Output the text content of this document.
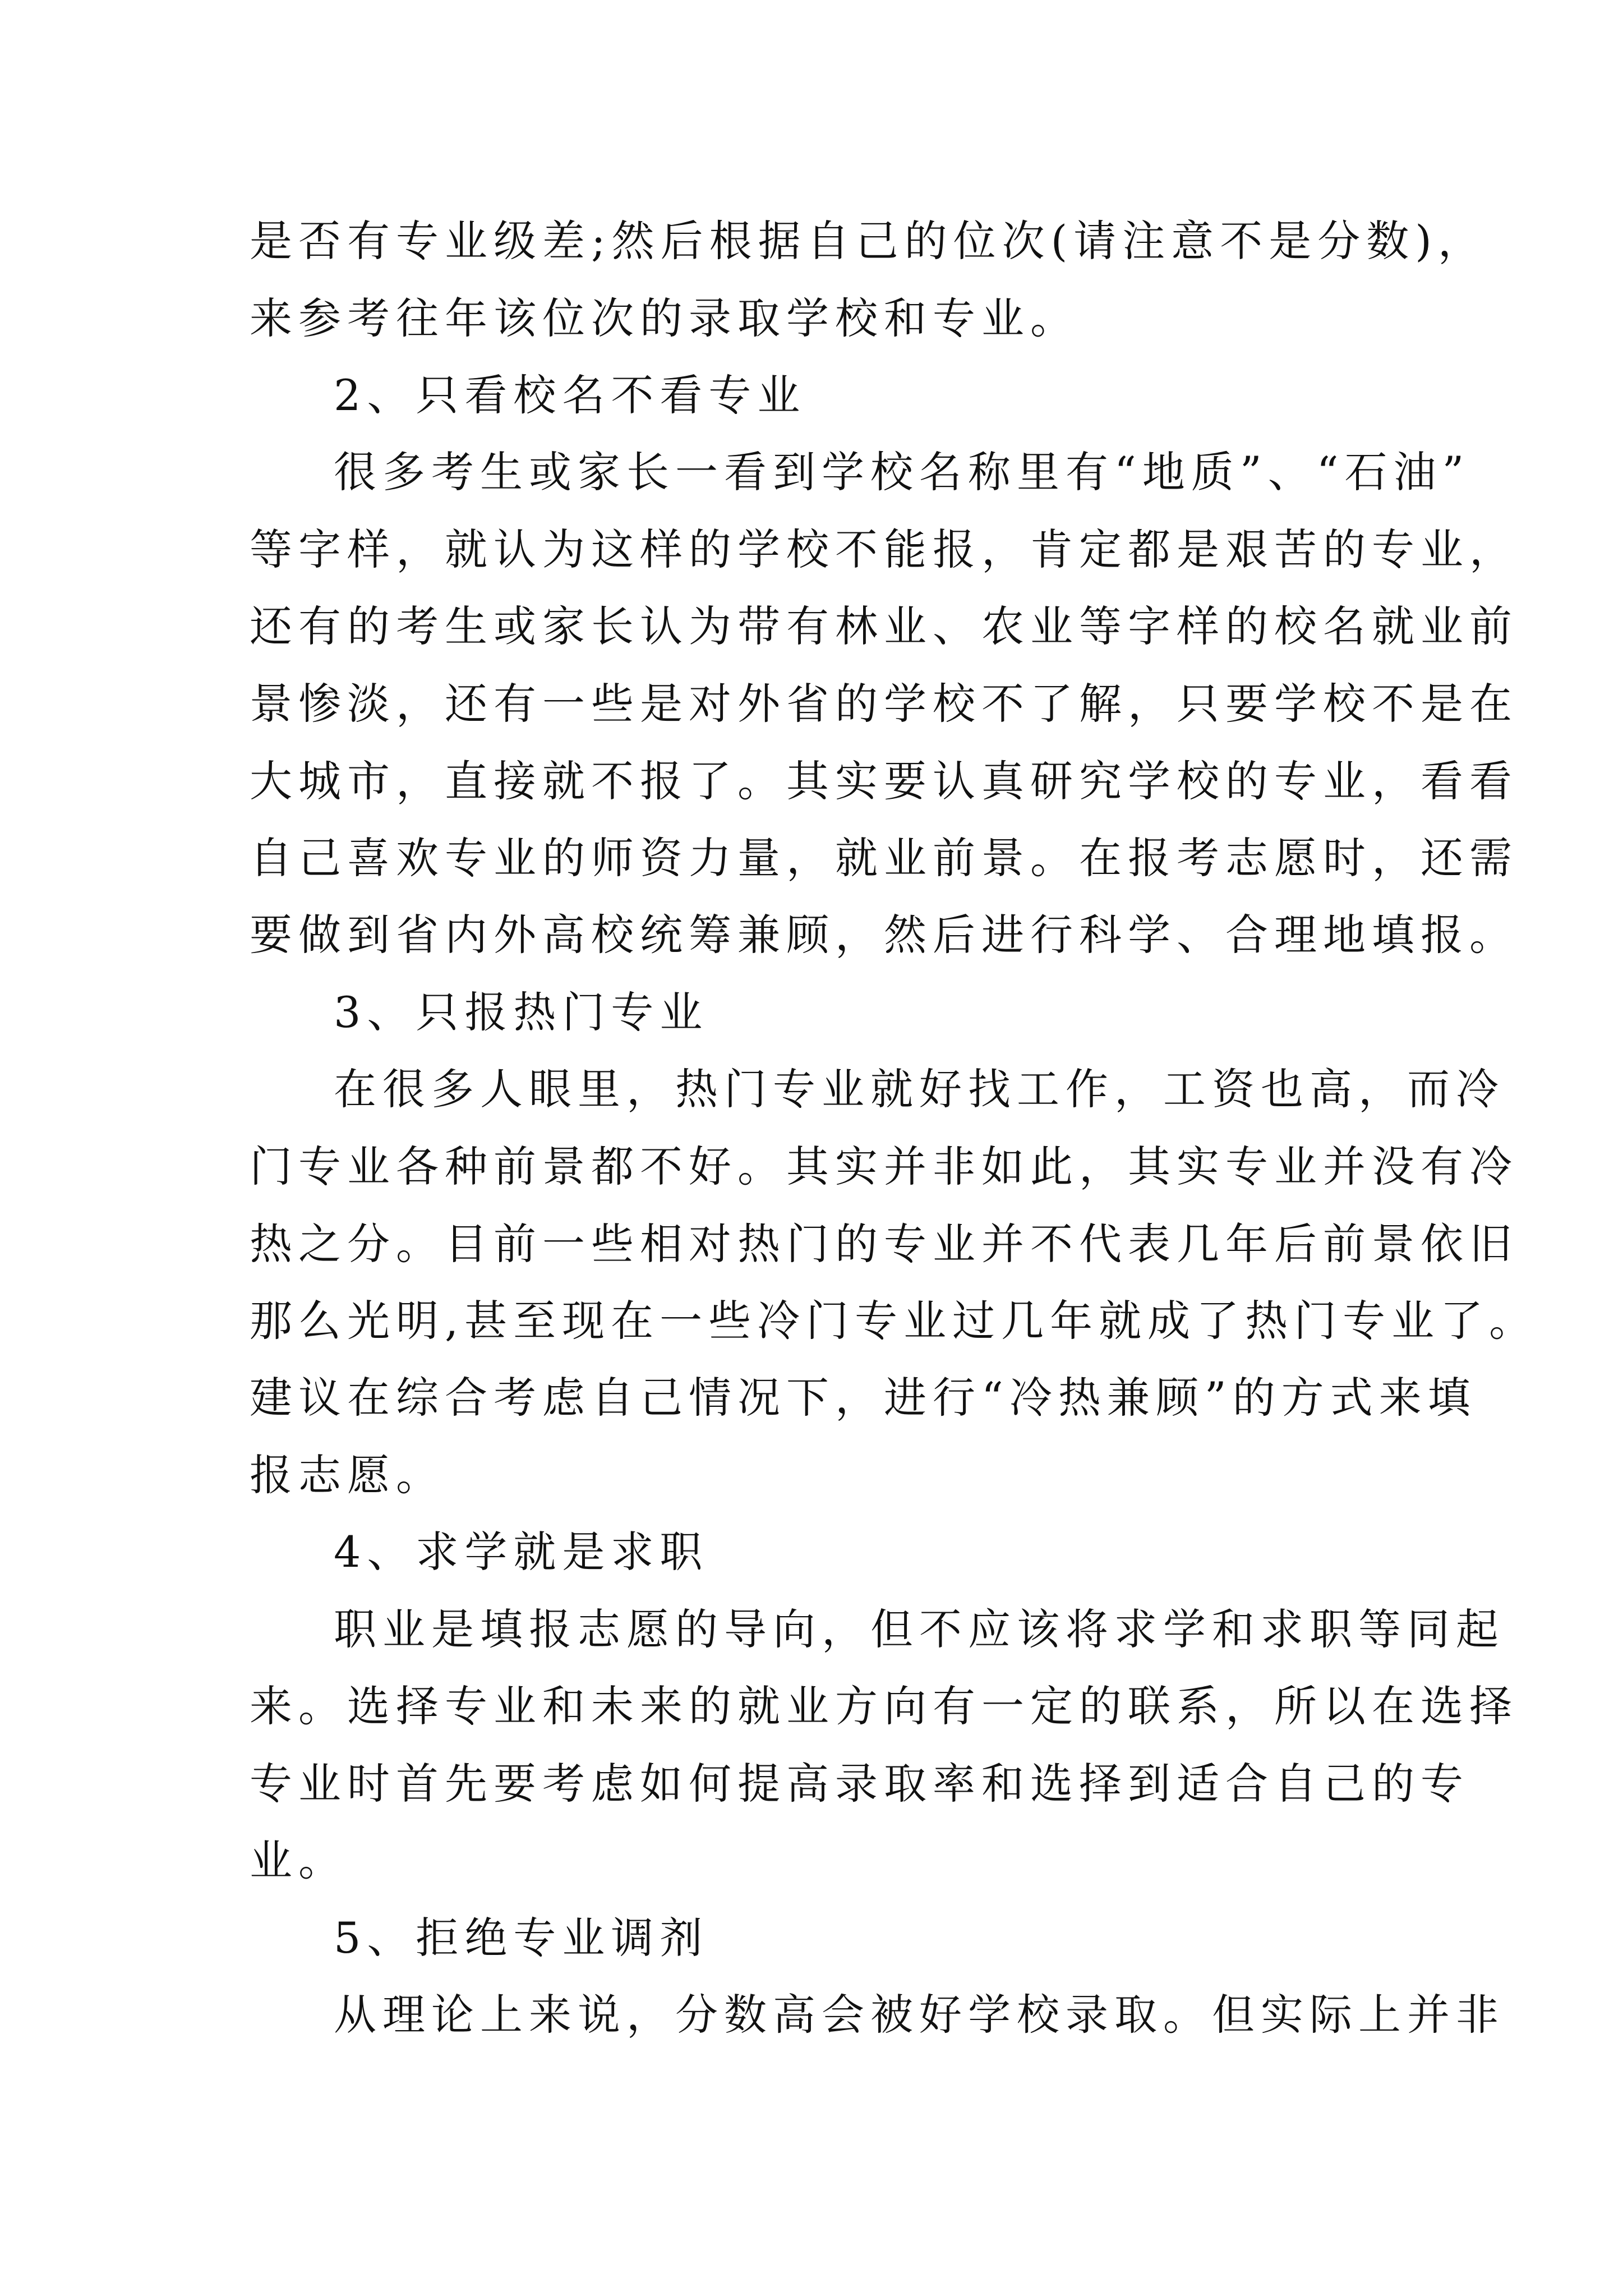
是否有专业级差;然后根据自己的位次(请注意不是分数)，

来参考往年该位次的录取学校和专业。

2、只看校名不看专业

很多考生或家长一看到学校名称里有“地质”、“石油”

等字样，就认为这样的学校不能报，肯定都是艰苦的专业，

还有的考生或家长认为带有林业、农业等字样的校名就业前

景惨淡，还有一些是对外省的学校不了解，只要学校不是在

大城市，直接就不报了。其实要认真研究学校的专业，看看

自己喜欢专业的师资力量，就业前景。在报考志愿时，还需

要做到省内外高校统筹兼顾，然后进行科学、合理地填报。

3、只报热门专业

在很多人眼里，热门专业就好找工作，工资也高，而冷

门专业各种前景都不好。其实并非如此，其实专业并没有冷

热之分。目前一些相对热门的专业并不代表几年后前景依旧

那么光明,甚至现在一些冷门专业过几年就成了热门专业了。

建议在综合考虑自己情况下，进行“冷热兼顾”的方式来填

报志愿。

4、求学就是求职

职业是填报志愿的导向，但不应该将求学和求职等同起

来。选择专业和未来的就业方向有一定的联系，所以在选择

专业时首先要考虑如何提高录取率和选择到适合自己的专

业。

5、拒绝专业调剂

从理论上来说，分数高会被好学校录取。但实际上并非
